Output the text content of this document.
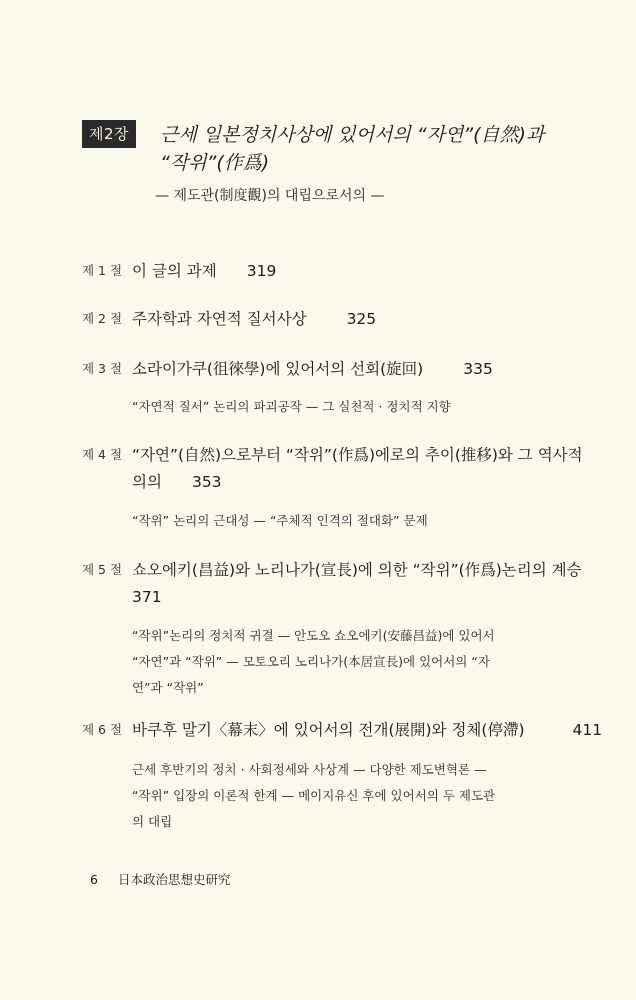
제2장	근세 일본정치사상에 있어서의 “자연”(自然)과
“작위”(作爲)
— 제도관(制度觀)의 대립으로서의 —
제 1 절 이 글의 과제 319
제 2 절 주자학과 자연적 질서사상	325
제 3 절 소라이가쿠(徂徠學)에 있어서의 선회(旋回)	335
“자연적 질서” 논리의 파괴공작 — 그 실천적 · 정치적 지향
제 4 절 “자연”(自然)으로부터 “작위”(作爲)에로의 추이(推移)와 그 역사적
의의 353
“작위” 논리의 근대성 — “주체적 인격의 절대화” 문제
제 5 절 쇼오에키(昌益)와 노리나가(宣長)에 의한 “작위”(作爲)논리의 계승
371
“작위”논리의 정치적 귀결 — 안도오 쇼오에키(安藤昌益)에 있어서
“자연”과 “작위” — 모토오리 노리나가(本居宣長)에 있어서의 “자
연”과 “작위”
제 6 절 바쿠후 말기〈幕末〉에 있어서의 전개(展開)와 정체(停滯)	411
근세 후반기의 정치 · 사회정세와 사상계 — 다양한 제도변혁론 —
“작위” 입장의 이론적 한계 — 메이지유신 후에 있어서의 두 제도관
의 대립
6 日本政治思想史研究
